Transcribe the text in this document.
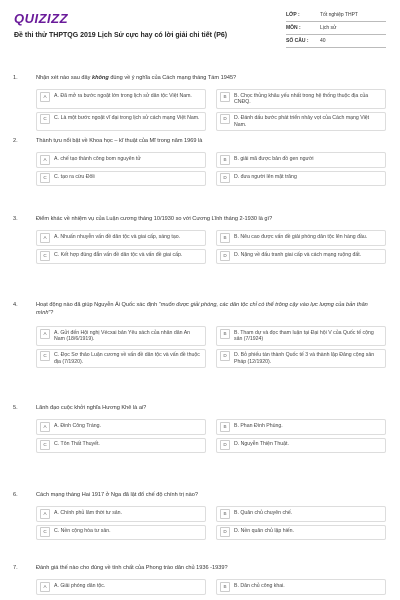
QUIZIZZ
Đề thi thử THPTQG 2019 Lịch Sử cực hay có lời giải chi tiết (P6)
LỚP :	Tốt nghiệp THPT
MÔN :	Lịch sử
SỐ CÂU :	40
1.	Nhận xét nào sau đây không đúng về ý nghĩa của Cách mạng tháng Tám 1945?
A	A. Đã mở ra bước ngoặt lớn trong lịch sử dân tộc Việt Nam.	B	B. Chọc thủng khâu yếu nhất trong hệ thống thuộc địa của CNĐQ.
C	C. Là một bước ngoặt vĩ đại trong lịch sử cách mạng Việt Nam.	D	D. Đánh dấu bước phát triển nhảy vọt của Cách mạng Việt Nam.
2.	Thành tựu nổi bật về Khoa học – kĩ thuật của Mĩ trong năm 1969 là
A	A. chế tạo thành công bom nguyên tử	B	B. giải mã được bản đồ gen người
C	C. tạo ra cừu Đôli	D	D. đưa người lên mặt trăng
3.	Điểm khác về nhiệm vụ của Luận cương tháng 10/1930 so với Cương Lĩnh tháng 2-1930 là gì?
A	A. Nhuấn nhuyễn vấn đề dân tộc và giai cấp, sáng tạo.	B	B. Nêu cao được vấn đề giải phóng dân tộc lên hàng đầu.
C	C. Kết hợp đúng đắn vấn đề dân tộc và vấn đề giai cấp.	D	D. Nặng về đấu tranh giai cấp và cách mạng ruộng đất.
4.	Hoạt động nào đã giúp Nguyễn Ái Quốc xác định “muốn được giải phóng, các dân tộc chỉ có thể trông cậy vào lực lượng của bản thân mình”?
A	A. Gửi đến Hội nghị Vécxai bản Yêu sách của nhân dân An Nam (18/6/1919).
B	B. Tham dự và đọc tham luận tại Đại hội V của Quốc tế cộng sản (7/1924)
C	C. Đọc Sơ thảo Luận cương về vấn đề dân tộc và vấn đề thuộc địa (7/1920).
D	D. Bỏ phiếu tán thành Quốc tế 3 và thành lập Đảng cộng sản Pháp (12/1920).
5.	Lãnh đạo cuộc khởi nghĩa Hương Khê là ai?
A	A. Đinh Công Tráng.	B	B. Phan Đình Phùng.
C	C. Tôn Thất Thuyết.	D	D. Nguyễn Thiện Thuật.
6.	Cách mạng tháng Hai 1917 ở Nga đã lật đổ chế độ chính trị nào?
A	A. Chính phủ lâm thời tư sản.	B	B. Quân chủ chuyên chế.
C	C. Nền cộng hòa tư sản.	D	D. Nền quân chủ lập hiến.
7.	Đánh giá thế nào cho đúng về tính chất của Phong trào dân chủ 1936 -1939?
A	A. Giải phóng dân tộc.	B	B. Dân chủ công khai.
